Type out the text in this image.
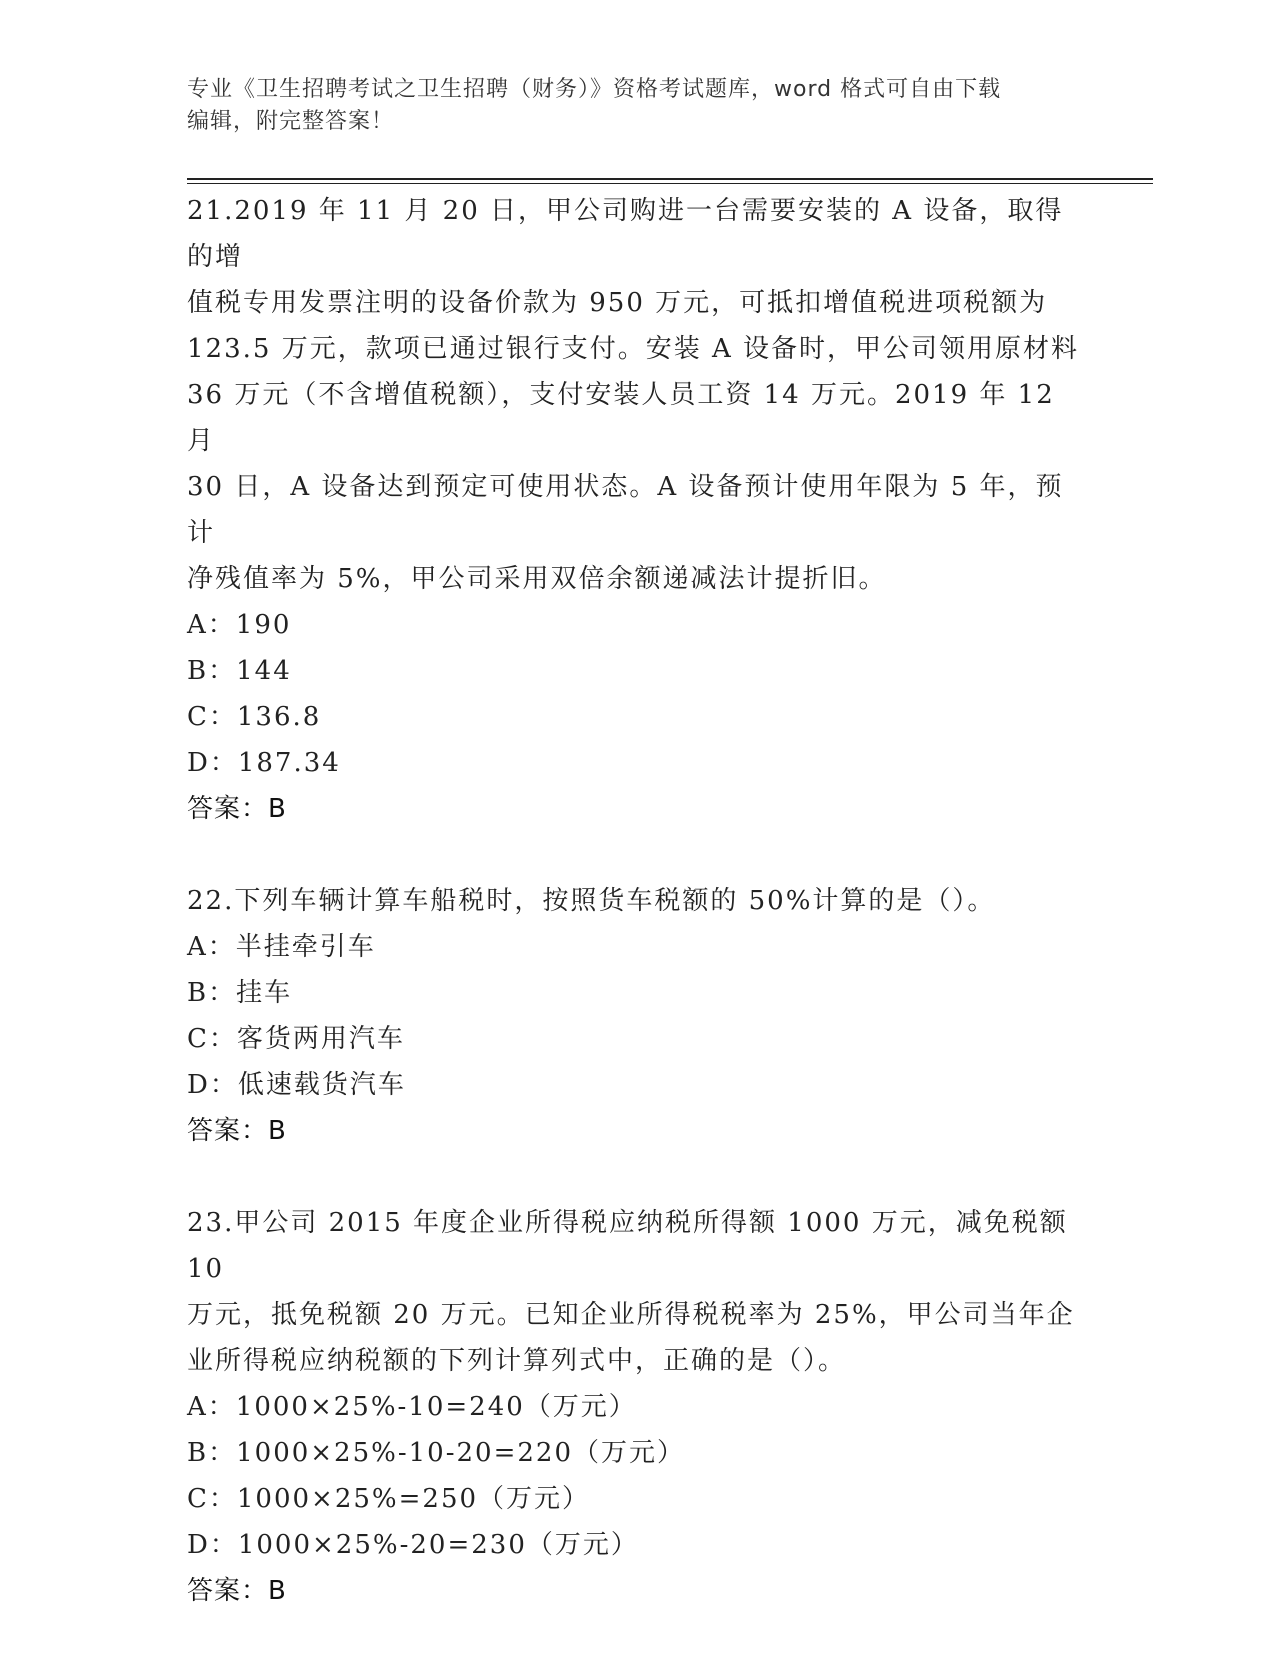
专业《卫生招聘考试之卫生招聘（财务）》资格考试题库，word 格式可自由下载
编辑，附完整答案！
21.2019 年 11 月 20 日，甲公司购进一台需要安装的 A 设备，取得的增
值税专用发票注明的设备价款为 950 万元，可抵扣增值税进项税额为
123.5 万元，款项已通过银行支付。安装 A 设备时，甲公司领用原材料
36 万元（不含增值税额），支付安装人员工资 14 万元。2019 年 12 月
30 日，A 设备达到预定可使用状态。A 设备预计使用年限为 5 年，预计
净残值率为 5%，甲公司采用双倍余额递减法计提折旧。
A：190
B：144
C：136.8
D：187.34
答案：B
22.下列车辆计算车船税时，按照货车税额的 50%计算的是（）。
A：半挂牵引车
B：挂车
C：客货两用汽车
D：低速载货汽车
答案：B
23.甲公司 2015 年度企业所得税应纳税所得额 1000 万元，减免税额 10
万元，抵免税额 20 万元。已知企业所得税税率为 25%，甲公司当年企
业所得税应纳税额的下列计算列式中，正确的是（）。
A：1000×25%-10=240（万元）
B：1000×25%-10-20=220（万元）
C：1000×25%=250（万元）
D：1000×25%-20=230（万元）
答案：B
